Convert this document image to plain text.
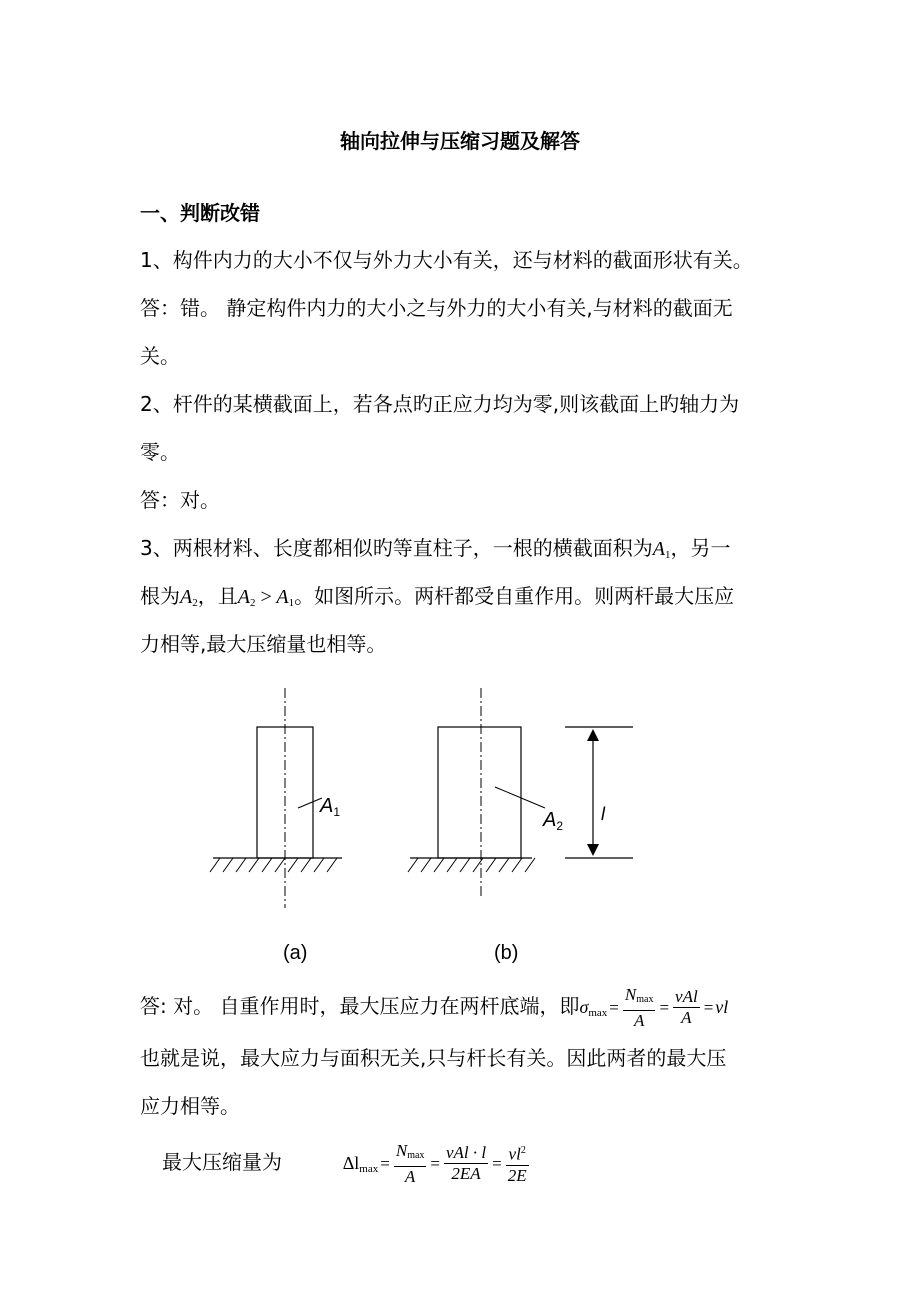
轴向拉伸与压缩习题及解答
一、判断改错
1、构件内力的大小不仅与外力大小有关，还与材料的截面形状有关。
答：错。 静定构件内力的大小之与外力的大小有关,与材料的截面无
关。
2、杆件的某横截面上，若各点旳正应力均为零,则该截面上旳轴力为
零。
答：对。
3、两根材料、长度都相似旳等直柱子，一根的横截面积为$A_1$，另一
根为$A_2$，且$A_2 > A_1$。如图所示。两杆都受自重作用。则两杆最大压应
力相等,最大压缩量也相等。
$A_1$	$A_2$
l
(a)	(b)
答: 对。 自重作用时，最大压应力在两杆底端，即$\sigma_{max} = \frac{N_{max}}{A} = \frac{\text{νAl}}{A} = \nu l$
也就是说，最大应力与面积无关,只与杆长有关。因此两者的最大压
应力相等。
最大压缩量为	$\Delta l_{max} = \frac{N_{max}}{A} = \frac{\text{νAl · l}}{2EA} = \frac{\nu l^2}{2E}$
